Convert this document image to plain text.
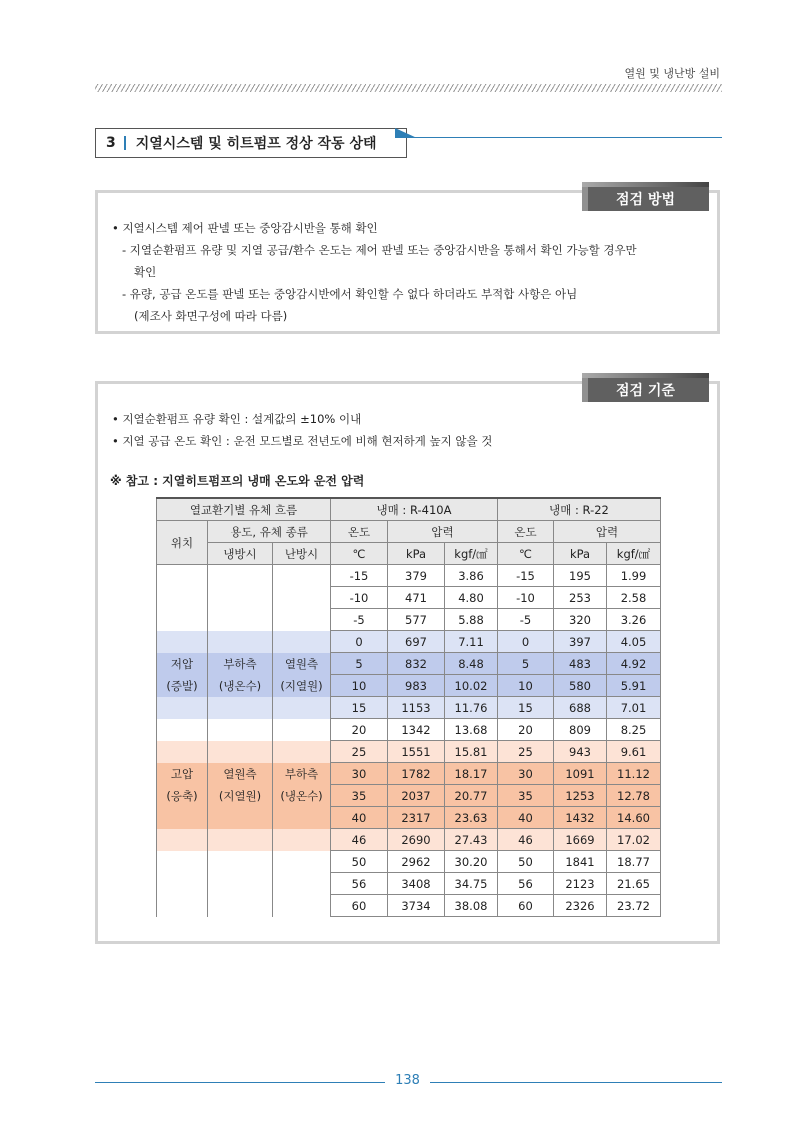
열원 및 냉난방 설비
3 지열시스템 및 히트펌프 정상 작동 상태
점검 방법
• 지열시스템 제어 판넬 또는 중앙감시반을 통해 확인
- 지열순환펌프 유량 및 지열 공급/환수 온도는 제어 판넬 또는 중앙감시반을 통해서 확인 가능할 경우만
확인
- 유량, 공급 온도를 판넬 또는 중앙감시반에서 확인할 수 없다 하더라도 부적합 사항은 아님
(제조사 화면구성에 따라 다름)
점검 기준
• 지열순환펌프 유량 확인 : 설계값의 ±10% 이내
• 지열 공급 온도 확인 : 운전 모드별로 전년도에 비해 현저하게 높지 않을 것
※ 참고 : 지열히트펌프의 냉매 온도와 운전 압력
열교환기별 유체 흐름			냉매 : R-410A			냉매 : R-22		
위치	용도, 유체 종류		온도	압력		온도	압력	
	냉방시	난방시	℃	kPa	kgf/㎠	℃	kPa	kgf/㎠
			-15	379	3.86	-15	195	1.99
			-10	471	4.80	-10	253	2.58
			-5	577	5.88	-5	320	3.26
			0	697	7.11	0	397	4.05
저압	부하측	열원측	5	832	8.48	5	483	4.92
(증발)	(냉온수)	(지열원)	10	983	10.02	10	580	5.91
			15	1153	11.76	15	688	7.01
			20	1342	13.68	20	809	8.25
			25	1551	15.81	25	943	9.61
고압	열원측	부하측	30	1782	18.17	30	1091	11.12
(응축)	(지열원)	(냉온수)	35	2037	20.77	35	1253	12.78
			40	2317	23.63	40	1432	14.60
			46	2690	27.43	46	1669	17.02
			50	2962	30.20	50	1841	18.77
			56	3408	34.75	56	2123	21.65
			60	3734	38.08	60	2326	23.72
138
